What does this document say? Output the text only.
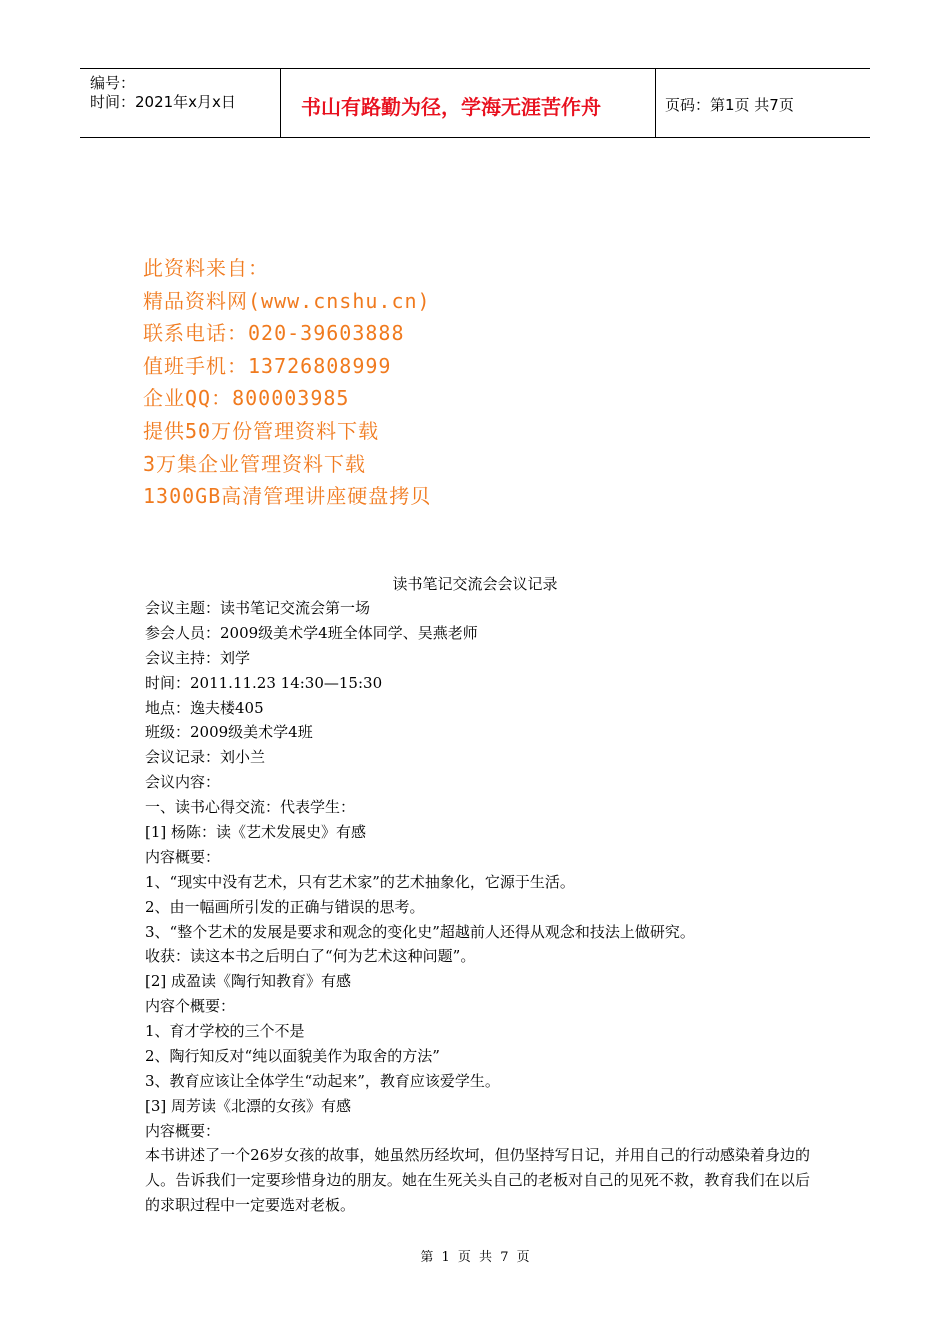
编号：
时间：2021年x月x日	书山有路勤为径，学海无涯苦作舟	页码：第1页 共7页
此资料来自：
精品资料网(www.cnshu.cn)
联系电话：020-39603888
值班手机：13726808999
企业QQ：800003985
提供50万份管理资料下载
3万集企业管理资料下载
1300GB高清管理讲座硬盘拷贝
读书笔记交流会会议记录
会议主题：读书笔记交流会第一场
参会人员：2009级美术学4班全体同学、吴燕老师
会议主持：刘学
时间：2011.11.23 14:30—15:30
地点：逸夫楼405
班级：2009级美术学4班
会议记录：刘小兰
会议内容：
一、读书心得交流：代表学生：
[1] 杨陈：读《艺术发展史》有感
内容概要：
1、“现实中没有艺术，只有艺术家”的艺术抽象化，它源于生活。
2、由一幅画所引发的正确与错误的思考。
3、“整个艺术的发展是要求和观念的变化史”超越前人还得从观念和技法上做研究。
收获：读这本书之后明白了“何为艺术这种问题”。
[2] 成盈读《陶行知教育》有感
内容个概要：
1、育才学校的三个不是
2、陶行知反对“纯以面貌美作为取舍的方法”
3、教育应该让全体学生“动起来”，教育应该爱学生。
[3] 周芳读《北漂的女孩》有感
内容概要：
本书讲述了一个26岁女孩的故事，她虽然历经坎坷，但仍坚持写日记，并用自己的行动感染着身边的人。告诉我们一定要珍惜身边的朋友。她在生死关头自己的老板对自己的见死不救，教育我们在以后的求职过程中一定要选对老板。
第 1 页 共 7 页
